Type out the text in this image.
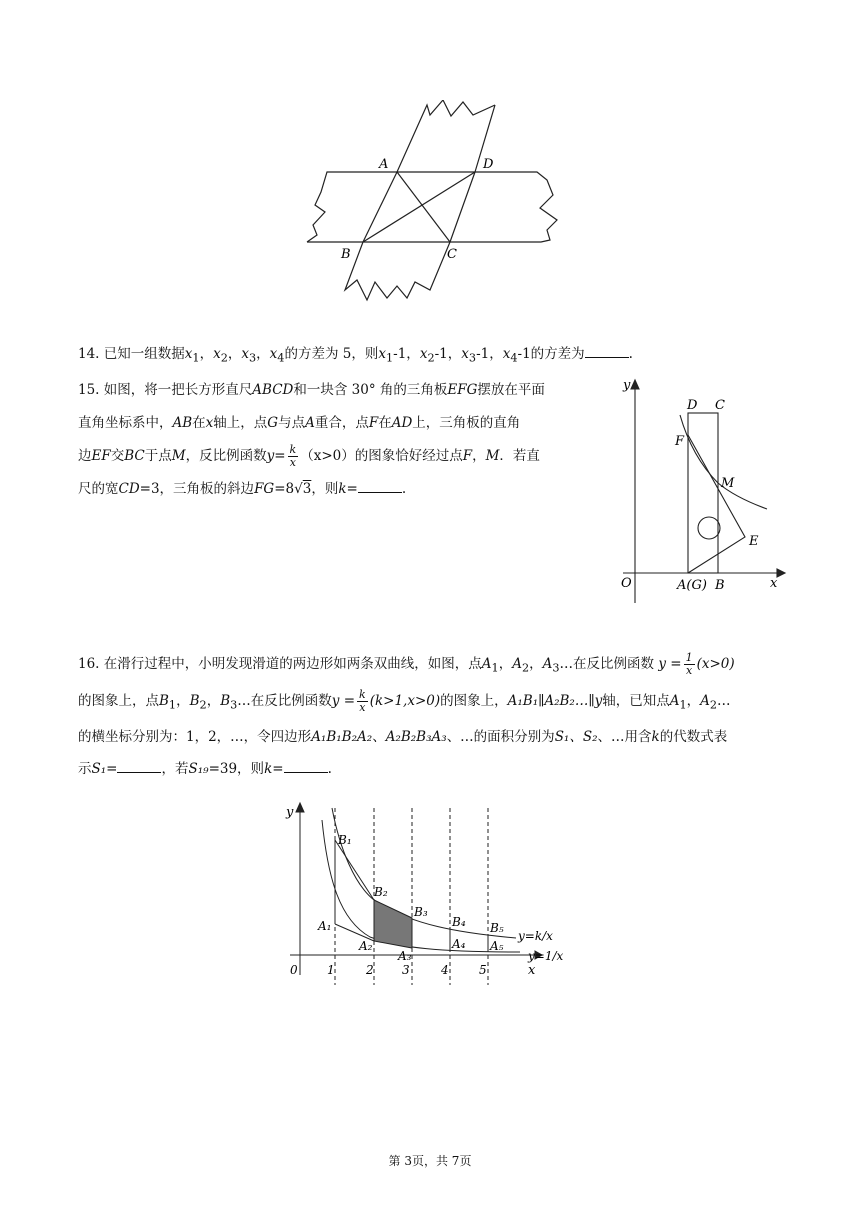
A	D
B	C

14. 已知一组数据$x_1$，$x_2$，$x_3$，$x_4$的方差为 5，则$x_1-1$，$x_2-1$，$x_3-1$，$x_4-1$的方差为	.

15. 如图，将一把长方形直尺ABCD和一块含 30° 角的三角板EFG摆放在平面

直角坐标系中，AB在x轴上，点G与点A重合，点F在AD上，三角板的直角

边EF交BC于点M，反比例函数$y= \frac{k}{x} (x>0)$的图象恰好经过点F，M．若直

尺的宽CD=3，三角板的斜边FG=8√3，则k=	.

y
x
O
D C
F
M
E
A(G) B

16. 在滑行过程中，小明发现滑道的两边形如两条双曲线，如图，点$A_1$，$A_2$，$A_3\dots$在反比例函数 $y = \frac{1}{x} (x>0)$

的图象上，点$B_1$，$B_2$，$B_3\dots$在反比例函数$y = \frac{k}{x} (k>1,x>0)$的图象上，A₁B₁∥A₂B₂…∥y轴，已知点$A_1$，$A_2\dots$

的横坐标分别为：1，2，…，令四边形A₁B₁B₂A₂、A₂B₂B₃A₃、…的面积分别为S₁、S₂、…用含k的代数式表

示S₁=	，若S₁₉=39，则k=	.

y
x
0 1	2 3	4	5
B₁
B₂
B₃
B₄ B₅
A₁
A₂
A₃
A₄ A₅
y=k/x
y=1/x
第 3页，共 7页
